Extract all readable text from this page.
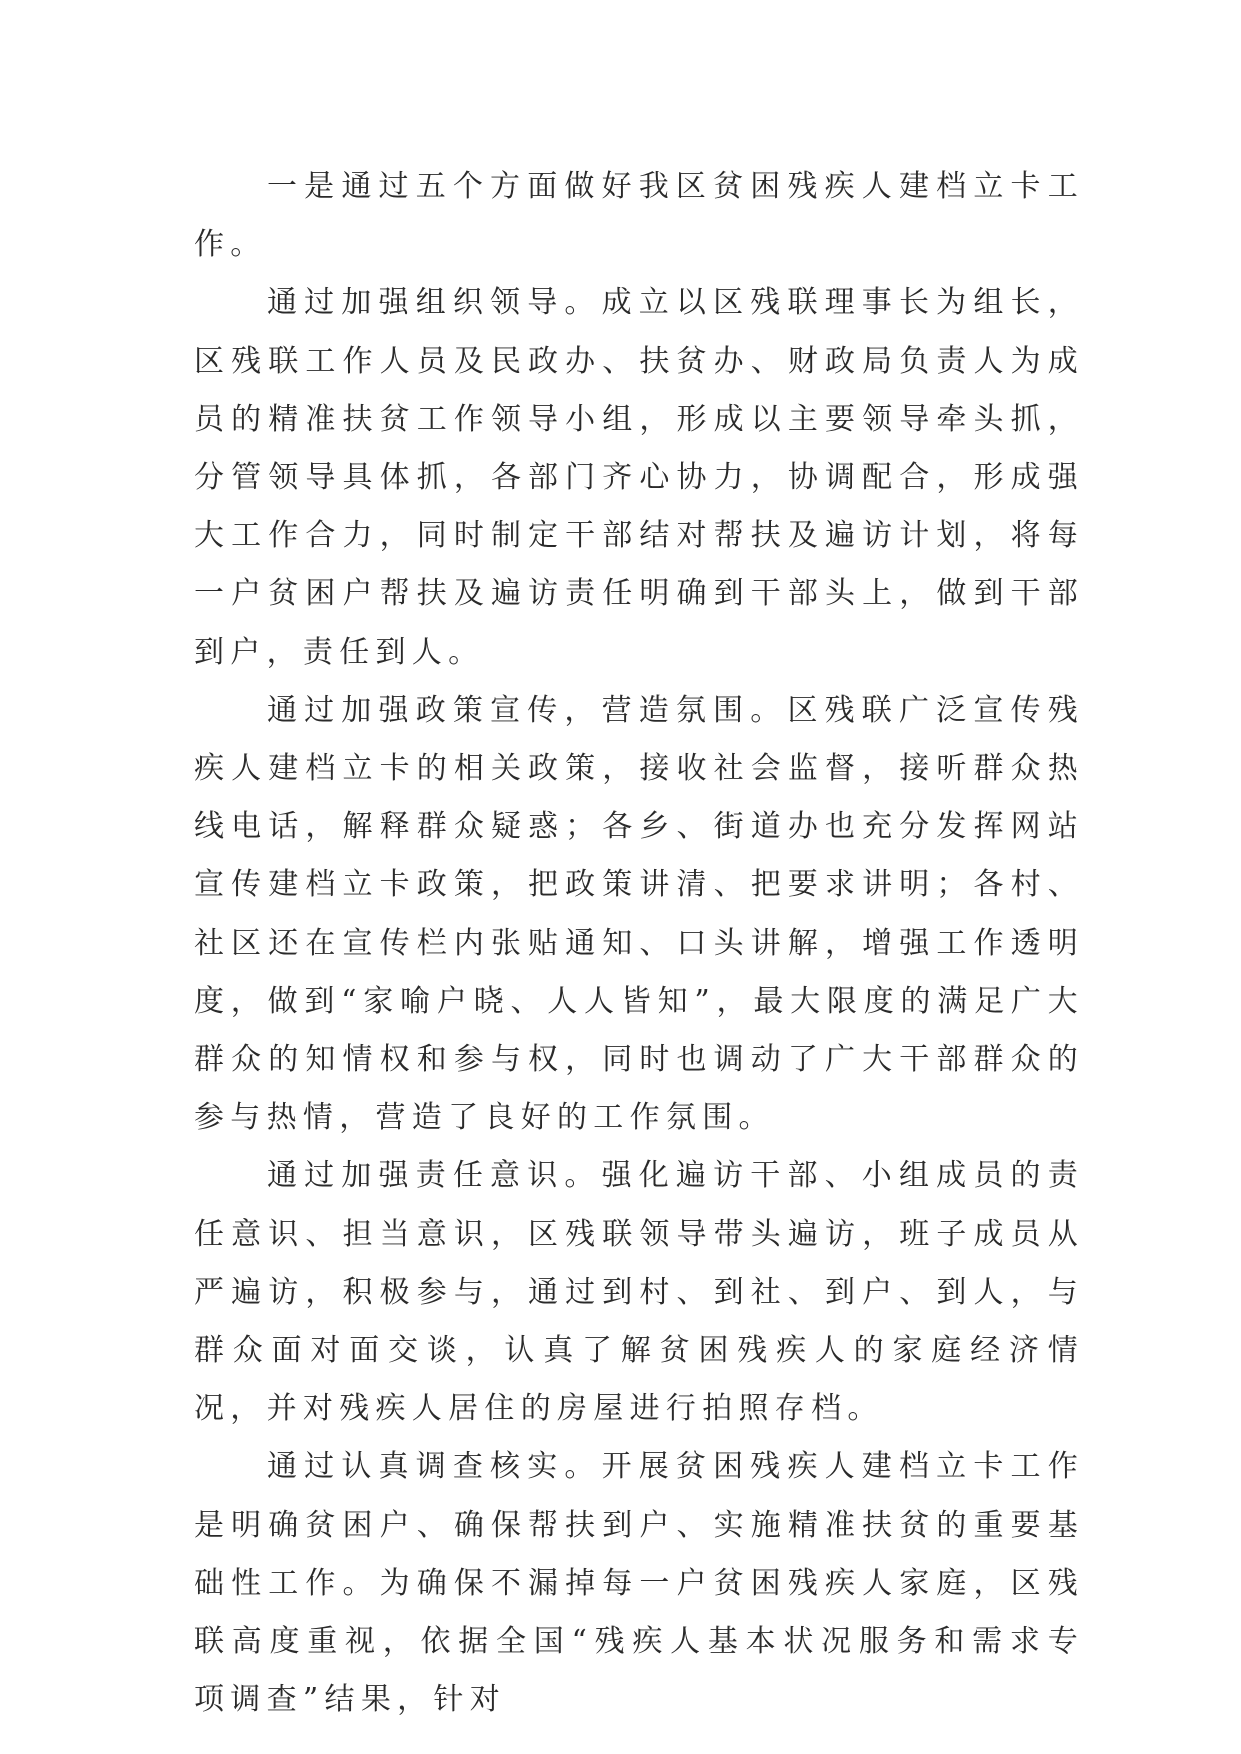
一是通过五个方面做好我区贫困残疾人建档立卡工作。

通过加强组织领导。成立以区残联理事长为组长，区残联工作人员及民政办、扶贫办、财政局负责人为成员的精准扶贫工作领导小组，形成以主要领导牵头抓，分管领导具体抓，各部门齐心协力，协调配合，形成强大工作合力，同时制定干部结对帮扶及遍访计划，将每一户贫困户帮扶及遍访责任明确到干部头上，做到干部到户，责任到人。

通过加强政策宣传，营造氛围。区残联广泛宣传残疾人建档立卡的相关政策，接收社会监督，接听群众热线电话，解释群众疑惑；各乡、街道办也充分发挥网站宣传建档立卡政策，把政策讲清、把要求讲明；各村、社区还在宣传栏内张贴通知、口头讲解，增强工作透明度，做到“家喻户晓、人人皆知”，最大限度的满足广大群众的知情权和参与权，同时也调动了广大干部群众的参与热情，营造了良好的工作氛围。

通过加强责任意识。强化遍访干部、小组成员的责任意识、担当意识，区残联领导带头遍访，班子成员从严遍访，积极参与，通过到村、到社、到户、到人，与群众面对面交谈，认真了解贫困残疾人的家庭经济情况，并对残疾人居住的房屋进行拍照存档。

通过认真调查核实。开展贫困残疾人建档立卡工作是明确贫困户、确保帮扶到户、实施精准扶贫的重要基础性工作。为确保不漏掉每一户贫困残疾人家庭，区残联高度重视，依据全国“残疾人基本状况服务和需求专项调查”结果，针对
